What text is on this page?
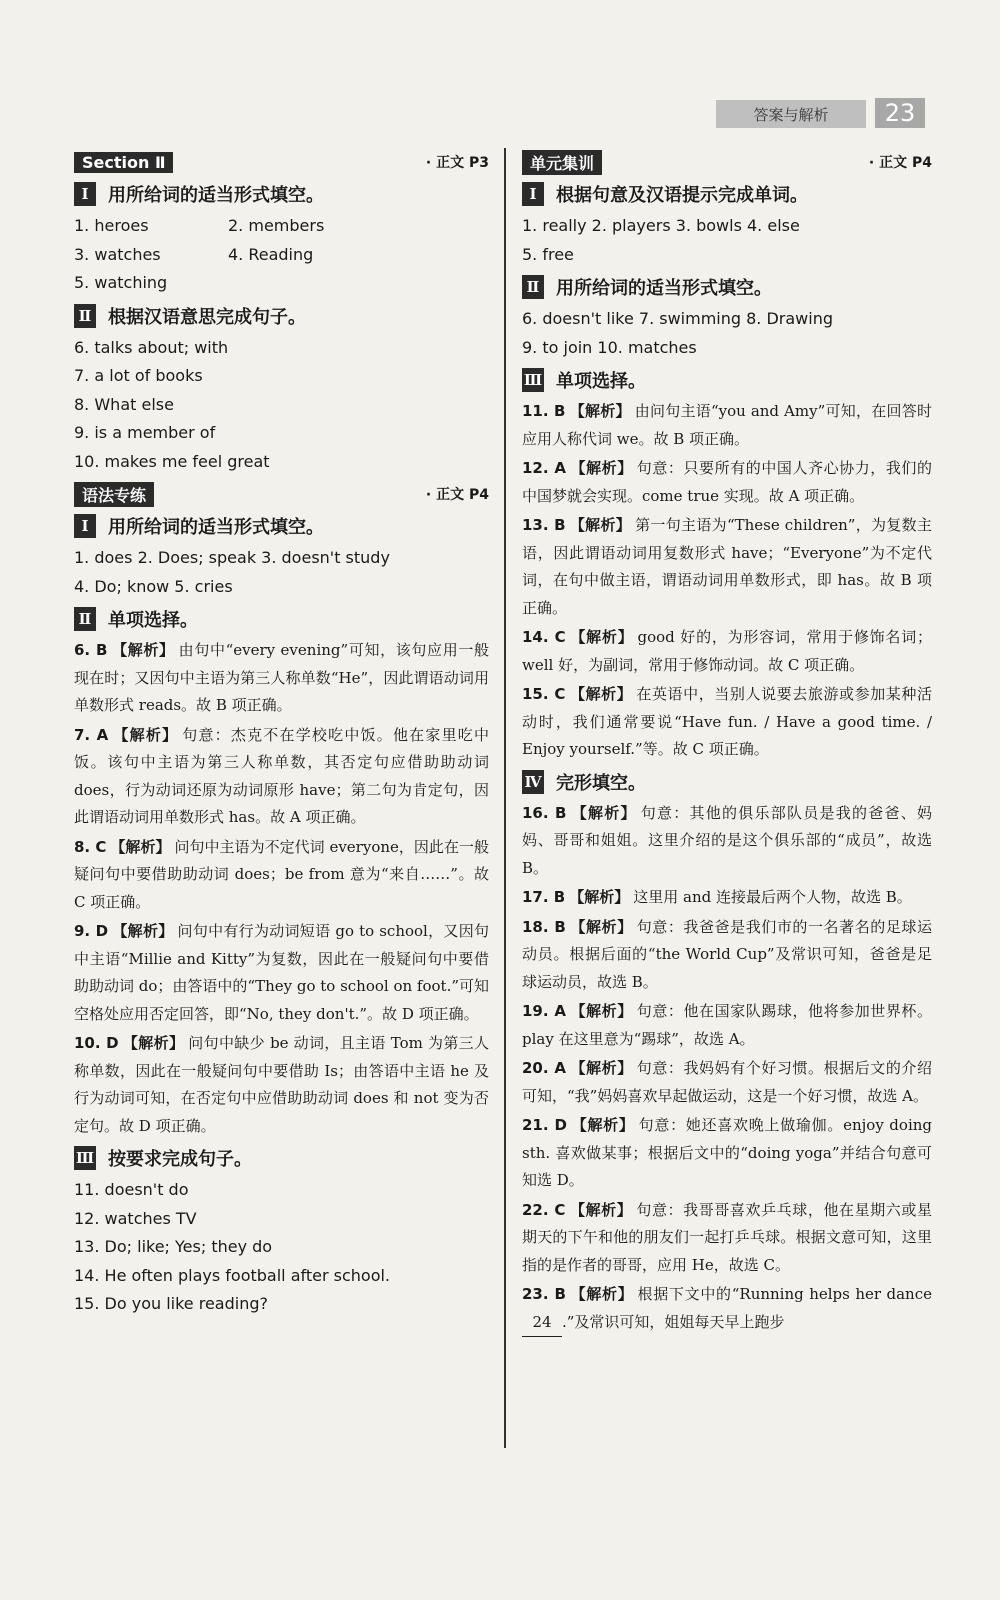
答案与解析	23
Section Ⅱ	· 正文 P3
Ⅰ	用所给词的适当形式填空。
1. heroes	2. members
3. watches	4. Reading
5. watching
Ⅱ 根据汉语意思完成句子。
6. talks about; with
7. a lot of books
8. What else
9. is a member of
10. makes me feel great
语法专练	· 正文 P4
Ⅰ	用所给词的适当形式填空。
1. does 2. Does; speak 3. doesn't study
4. Do; know 5. cries
Ⅱ 单项选择。
6. B 【解析】 由句中“every evening”可知，该句应用一般现在时；又因句中主语为第三人称单数“He”，因此谓语动词用单数形式 reads。故 B 项正确。
7. A 【解析】 句意：杰克不在学校吃中饭。他在家里吃中饭。该句中主语为第三人称单数，其否定句应借助助动词 does，行为动词还原为动词原形 have；第二句为肯定句，因此谓语动词用单数形式 has。故 A 项正确。
8. C 【解析】 问句中主语为不定代词 everyone，因此在一般疑问句中要借助助动词 does；be from 意为“来自……”。故 C 项正确。
9. D 【解析】 问句中有行为动词短语 go to school，又因句中主语“Millie and Kitty”为复数，因此在一般疑问句中要借助助动词 do；由答语中的“They go to school on foot.”可知空格处应用否定回答，即“No, they don't.”。故 D 项正确。
10. D 【解析】 问句中缺少 be 动词，且主语 Tom 为第三人称单数，因此在一般疑问句中要借助 Is；由答语中主语 he 及行为动词可知，在否定句中应借助助动词 does 和 not 变为否定句。故 D 项正确。
Ⅲ 按要求完成句子。
11. doesn't do
12. watches TV
13. Do; like; Yes; they do
14. He often plays football after school.
15. Do you like reading?
单元集训	· 正文 P4
Ⅰ	根据句意及汉语提示完成单词。
1. really 2. players 3. bowls 4. else
5. free
Ⅱ 用所给词的适当形式填空。
6. doesn't like 7. swimming 8. Drawing
9. to join 10. matches
Ⅲ 单项选择。
11. B 【解析】 由问句主语“you and Amy”可知，在回答时应用人称代词 we。故 B 项正确。
12. A 【解析】 句意：只要所有的中国人齐心协力，我们的中国梦就会实现。come true 实现。故 A 项正确。
13. B 【解析】 第一句主语为“These children”，为复数主语，因此谓语动词用复数形式 have；“Everyone”为不定代词，在句中做主语，谓语动词用单数形式，即 has。故 B 项正确。
14. C 【解析】 good 好的，为形容词，常用于修饰名词；well 好，为副词，常用于修饰动词。故 C 项正确。
15. C 【解析】 在英语中，当别人说要去旅游或参加某种活动时，我们通常要说“Have fun. / Have a good time. / Enjoy yourself.”等。故 C 项正确。
Ⅳ 完形填空。
16. B 【解析】 句意：其他的俱乐部队员是我的爸爸、妈妈、哥哥和姐姐。这里介绍的是这个俱乐部的“成员”，故选 B。
17. B 【解析】 这里用 and 连接最后两个人物，故选 B。
18. B 【解析】 句意：我爸爸是我们市的一名著名的足球运动员。根据后面的“the World Cup”及常识可知，爸爸是足球运动员，故选 B。
19. A 【解析】 句意：他在国家队踢球，他将参加世界杯。play 在这里意为“踢球”，故选 A。
20. A 【解析】 句意：我妈妈有个好习惯。根据后文的介绍可知，“我”妈妈喜欢早起做运动，这是一个好习惯，故选 A。
21. D 【解析】 句意：她还喜欢晚上做瑜伽。enjoy doing sth. 喜欢做某事；根据后文中的“doing yoga”并结合句意可知选 D。
22. C 【解析】 句意：我哥哥喜欢乒乓球，他在星期六或星期天的下午和他的朋友们一起打乒乓球。根据文意可知，这里指的是作者的哥哥，应用 He，故选 C。
23. B 【解析】 根据下文中的“Running helps her dance 24 .”及常识可知，姐姐每天早上跑步
